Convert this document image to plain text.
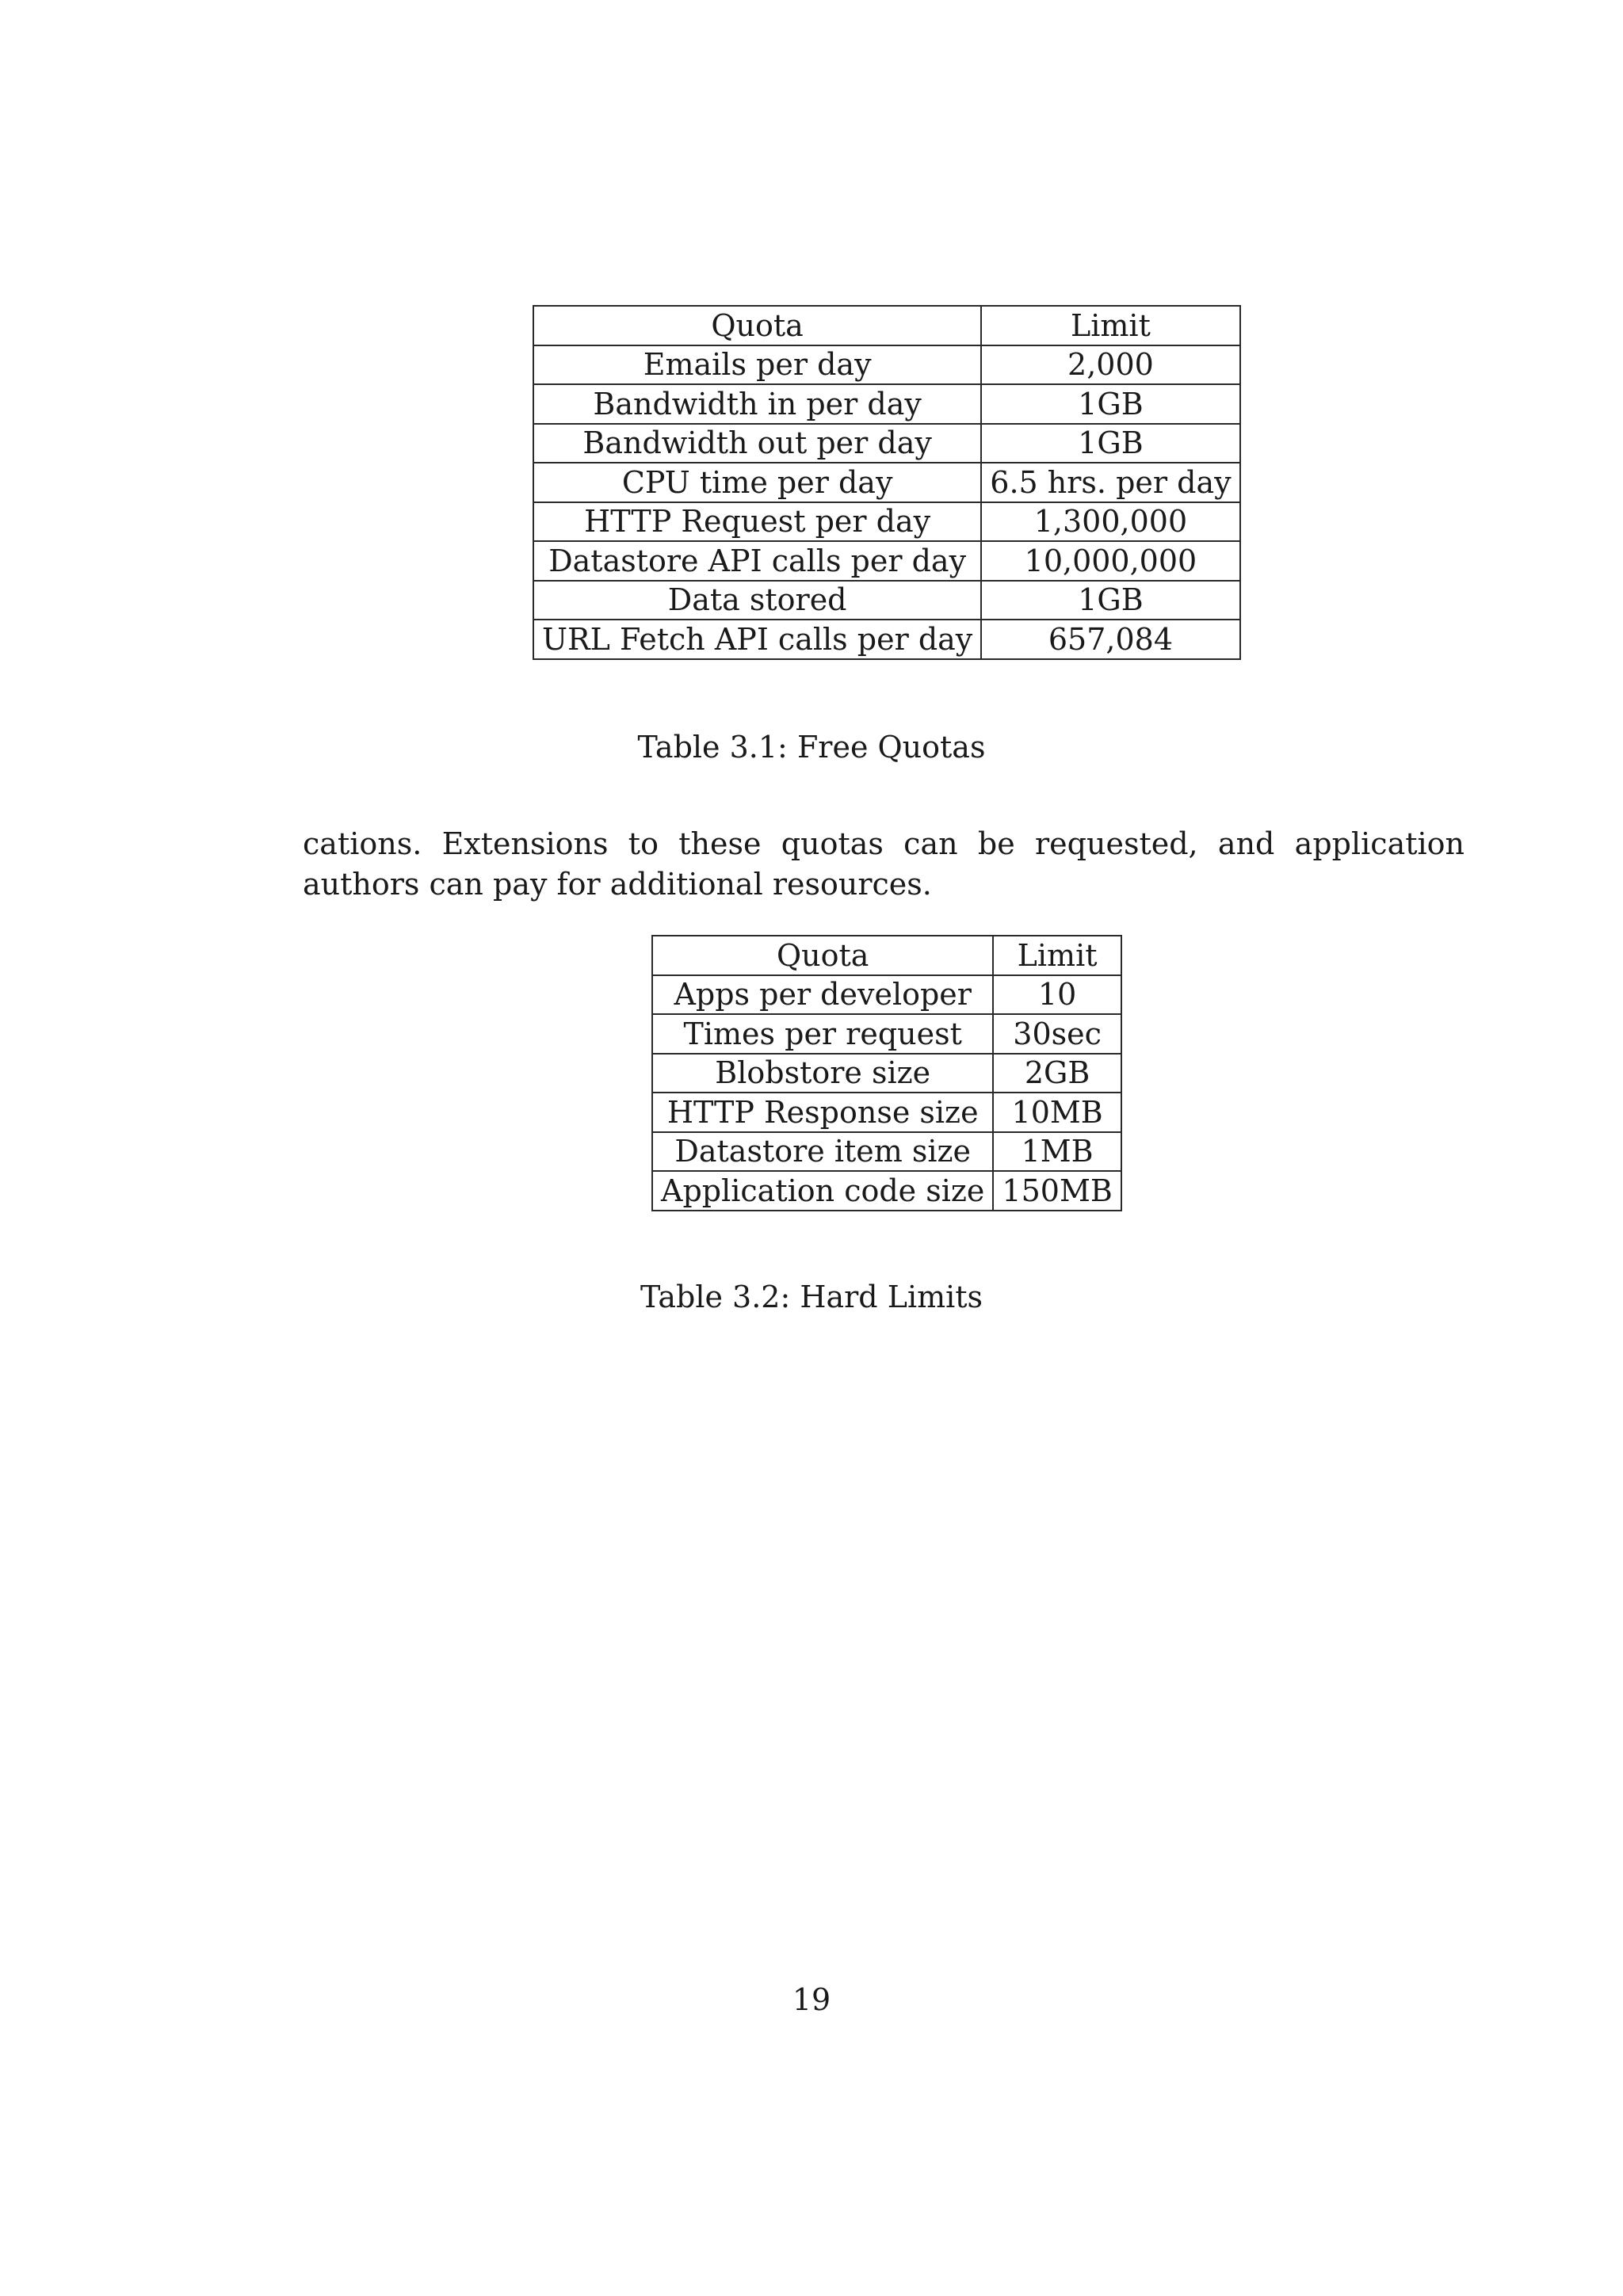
Quota	Limit
Emails per day	2,000
Bandwidth in per day	1GB
Bandwidth out per day	1GB
CPU time per day	6.5 hrs. per day
HTTP Request per day	1,300,000
Datastore API calls per day	10,000,000
Data stored	1GB
URL Fetch API calls per day	657,084
Table 3.1: Free Quotas
cations. Extensions to these quotas can be requested, and application authors can pay for additional resources.
Quota	Limit
Apps per developer	10
Times per request	30sec
Blobstore size	2GB
HTTP Response size	10MB
Datastore item size	1MB
Application code size	150MB
Table 3.2: Hard Limits
19
